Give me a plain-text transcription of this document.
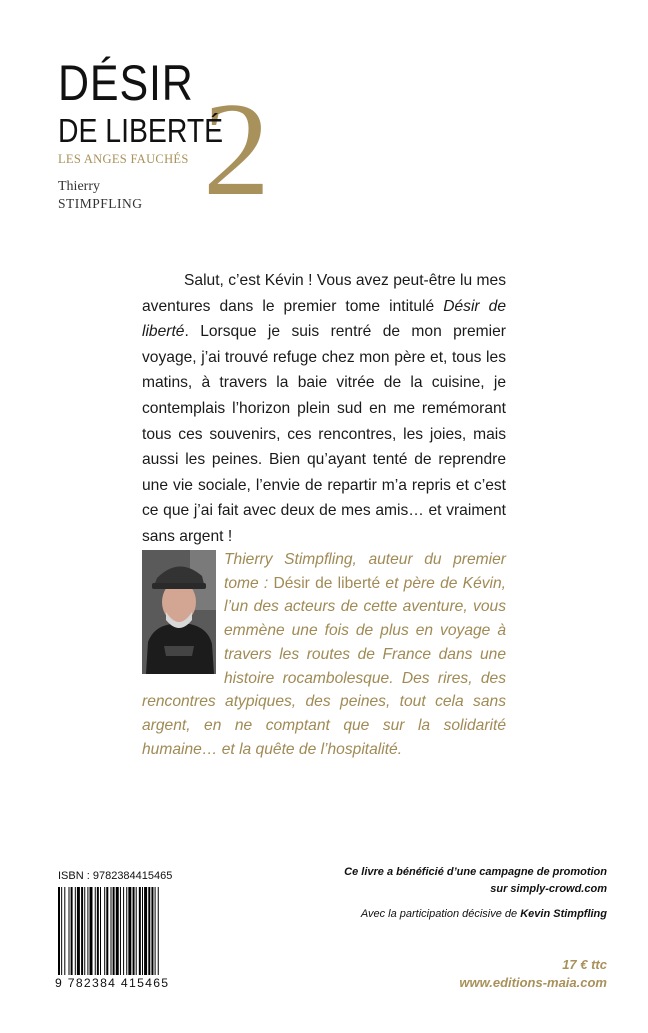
2
DÉSIR
DE LIBERTÉ
LES ANGES FAUCHÉS
Thierry
STIMPFLING

Salut, c’est Kévin ! Vous avez peut-être lu mes aventures dans le premier tome intitulé Désir de liberté. Lorsque je suis rentré de mon premier voyage, j’ai trouvé refuge chez mon père et, tous les matins, à travers la baie vitrée de la cuisine, je contemplais l’horizon plein sud en me remémorant tous ces souvenirs, ces rencontres, les joies, mais aussi les peines. Bien qu’ayant tenté de reprendre une vie sociale, l’envie de repartir m’a repris et c’est ce que j’ai fait avec deux de mes amis… et vraiment sans argent !

Thierry Stimpfling, auteur du premier tome : Désir de liberté et père de Kévin, l’un des acteurs de cette aventure, vous emmène une fois de plus en voyage à travers les routes de France dans une histoire rocambolesque. Des rires, des rencontres atypiques, des peines, tout cela sans argent, en ne comptant que sur la solidarité humaine… et la quête de l’hospitalité.
ISBN : 9782384415465
9 782384 415465
Ce livre a bénéficié d’une campagne de promotion
sur simply-crowd.com
Avec la participation décisive de Kevin Stimpfling
17 € ttc
www.editions-maia.com
